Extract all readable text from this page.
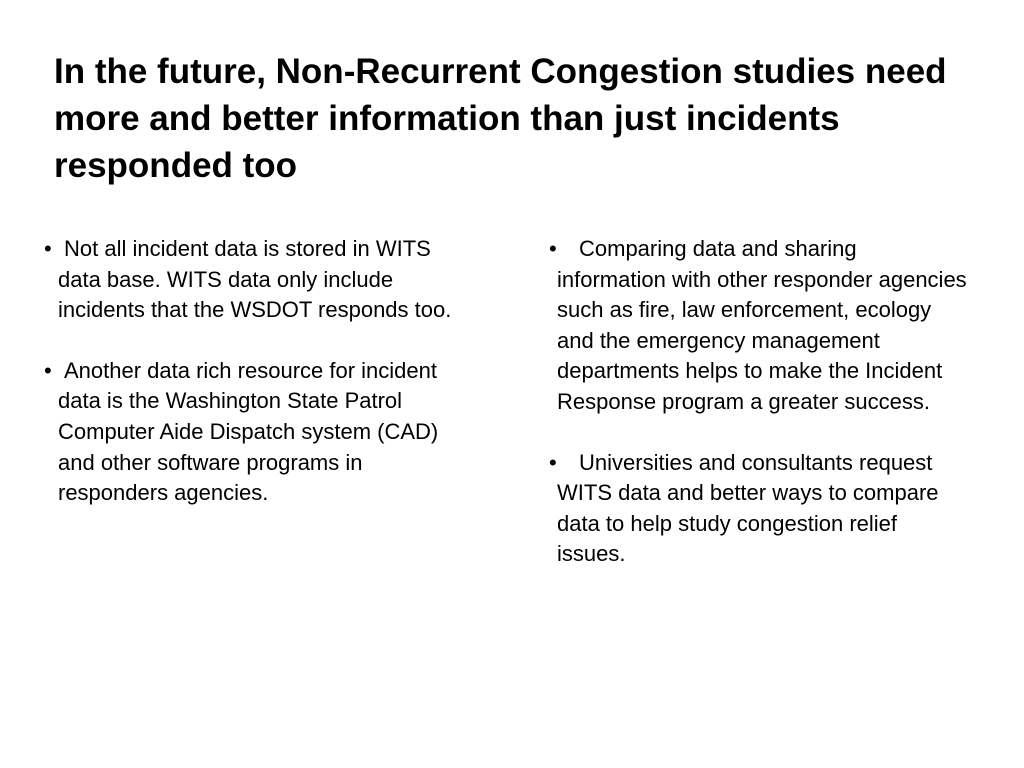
In the future, Non-Recurrent Congestion studies need more and better information than just incidents responded too
• Not all incident data is stored in WITS data base. WITS data only include incidents that the WSDOT responds too.
• Another data rich resource for incident data is the Washington State Patrol Computer Aide Dispatch system (CAD) and other software programs in responders agencies.
•	Comparing data and sharing information with other responder agencies such as fire, law enforcement, ecology and the emergency management departments helps to make the Incident Response program a greater success.
•	Universities and consultants request WITS data and better ways to compare data to help study congestion relief issues.
